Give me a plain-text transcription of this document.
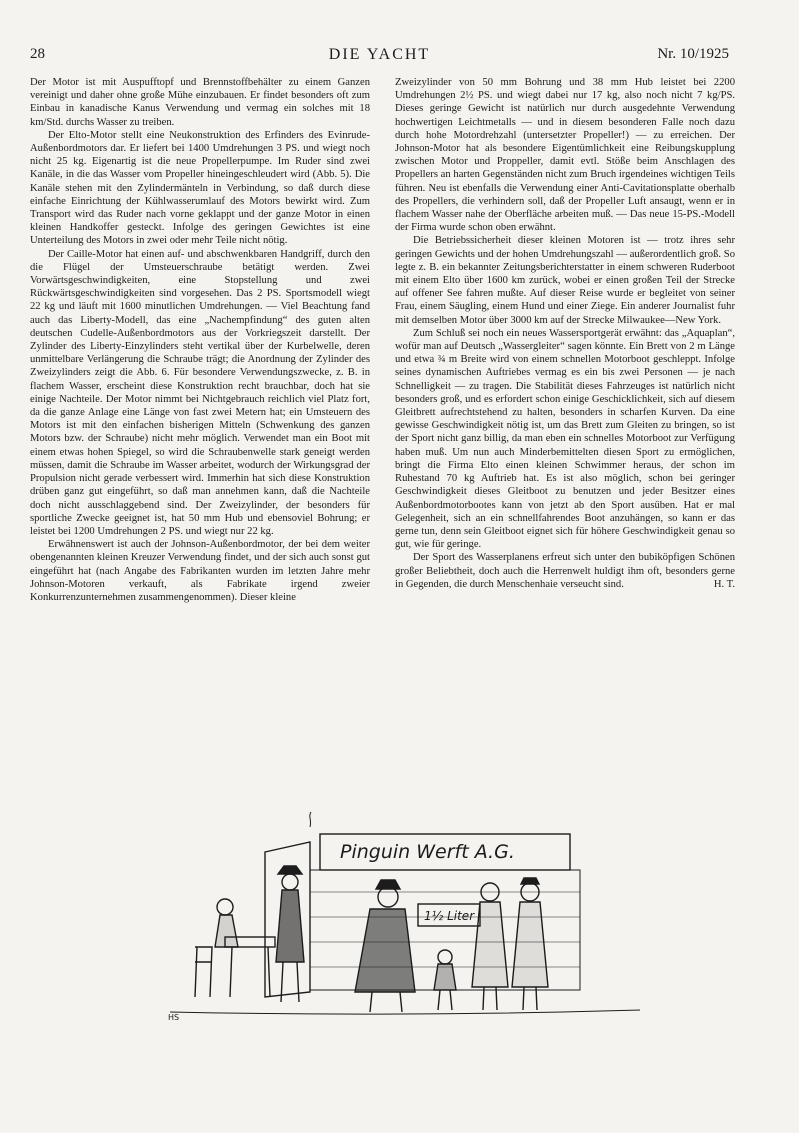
28	DIE YACHT	Nr. 10/1925

Der Motor ist mit Auspufftopf und Brennstoffbehälter zu einem Ganzen vereinigt und daher ohne große Mühe einzubauen. Er findet besonders oft zum Einbau in kanadische Kanus Verwendung und vermag ein solches mit 18 km/Std. durchs Wasser zu treiben.

Der Elto-Motor stellt eine Neukonstruktion des Erfinders des Evinrude-Außenbordmotors dar. Er liefert bei 1400 Umdrehungen 3 PS. und wiegt noch nicht 25 kg. Eigenartig ist die neue Propellerpumpe. Im Ruder sind zwei Kanäle, in die das Wasser vom Propeller hineingeschleudert wird (Abb. 5). Die Kanäle stehen mit den Zylindermänteln in Verbindung, so daß durch diese einfache Einrichtung der Kühlwasserumlauf des Motors bewirkt wird. Zum Transport wird das Ruder nach vorne geklappt und der ganze Motor in einen kleinen Handkoffer gesteckt. Infolge des geringen Gewichtes ist eine Unterteilung des Motors in zwei oder mehr Teile nicht nötig.

Der Caille-Motor hat einen auf- und abschwenkbaren Handgriff, durch den die Flügel der Umsteuerschraube betätigt werden. Zwei Vorwärtsgeschwindigkeiten, eine Stopstellung und zwei Rückwärtsgeschwindigkeiten sind vorgesehen. Das 2 PS. Sportsmodell wiegt 22 kg und läuft mit 1600 minutlichen Umdrehungen. — Viel Beachtung fand auch das Liberty-Modell, das eine „Nachempfindung“ des guten alten deutschen Cudelle-Außenbordmotors aus der Vorkriegszeit darstellt. Der Zylinder des Liberty-Einzylinders steht vertikal über der Kurbelwelle, deren unmittelbare Verlängerung die Schraube trägt; die Anordnung der Zylinder des Zweizylinders zeigt die Abb. 6. Für besondere Verwendungszwecke, z. B. in flachem Wasser, erscheint diese Konstruktion recht brauchbar, doch hat sie einige Nachteile. Der Motor nimmt bei Nichtgebrauch reichlich viel Platz fort, da die ganze Anlage eine Länge von fast zwei Metern hat; ein Umsteuern des Motors ist mit den einfachen bisherigen Mitteln (Schwenkung des ganzen Motors bzw. der Schraube) nicht mehr möglich. Verwendet man ein Boot mit einem etwas hohen Spiegel, so wird die Schraubenwelle stark geneigt werden müssen, damit die Schraube im Wasser arbeitet, wodurch der Wirkungsgrad der Propulsion nicht gerade verbessert wird. Immerhin hat sich diese Konstruktion drüben ganz gut eingeführt, so daß man annehmen kann, daß die Nachteile doch nicht ausschlaggebend sind. Der Zweizylinder, der besonders für sportliche Zwecke geeignet ist, hat 50 mm Hub und ebensoviel Bohrung; er leistet bei 1200 Umdrehungen 2 PS. und wiegt nur 22 kg.

Erwähnenswert ist auch der Johnson-Außenbordmotor, der bei dem weiter obengenannten kleinen Kreuzer Verwendung findet, und der sich auch sonst gut eingeführt hat (nach Angabe des Fabrikanten wurden im letzten Jahre mehr Johnson-Motoren verkauft, als Fabrikate irgend zweier Konkurrenzunternehmen zusammengenommen). Dieser kleine

Zweizylinder von 50 mm Bohrung und 38 mm Hub leistet bei 2200 Umdrehungen 2½ PS. und wiegt dabei nur 17 kg, also noch nicht 7 kg/PS. Dieses geringe Gewicht ist natürlich nur durch ausgedehnte Verwendung hochwertigen Leichtmetalls — und in diesem besonderen Falle noch dazu durch hohe Motordrehzahl (untersetzter Propeller!) — zu erreichen. Der Johnson-Motor hat als besondere Eigentümlichkeit eine Reibungskupplung zwischen Motor und Proppeller, damit evtl. Stöße beim Anschlagen des Propellers an harten Gegenständen nicht zum Bruch irgendeines wichtigen Teils führen. Neu ist ebenfalls die Verwendung einer Anti-Cavitationsplatte oberhalb des Propellers, die verhindern soll, daß der Propeller Luft ansaugt, wenn er in flachem Wasser nahe der Oberfläche arbeiten muß. — Das neue 15-PS.-Modell der Firma wurde schon oben erwähnt.

Die Betriebssicherheit dieser kleinen Motoren ist — trotz ihres sehr geringen Gewichts und der hohen Umdrehungszahl — außerordentlich groß. So legte z. B. ein bekannter Zeitungsberichterstatter in einem schweren Ruderboot mit einem Elto über 1600 km zurück, wobei er einen großen Teil der Strecke auf offener See fahren mußte. Auf dieser Reise wurde er begleitet von seiner Frau, einem Säugling, einem Hund und einer Ziege. Ein anderer Journalist fuhr mit demselben Motor über 3000 km auf der Strecke Milwaukee—New York.

Zum Schluß sei noch ein neues Wassersportgerät erwähnt: das „Aquaplan“, wofür man auf Deutsch „Wassergleiter“ sagen könnte. Ein Brett von 2 m Länge und etwa ¾ m Breite wird von einem schnellen Motorboot geschleppt. Infolge seines dynamischen Auftriebes vermag es ein bis zwei Personen — je nach Schnelligkeit — zu tragen. Die Stabilität dieses Fahrzeuges ist natürlich nicht besonders groß, und es erfordert schon einige Geschicklichkeit, sich auf diesem Gleitbrett aufrechtstehend zu halten, besonders in scharfen Kurven. Da eine gewisse Geschwindigkeit nötig ist, um das Brett zum Gleiten zu bringen, so ist der Sport nicht ganz billig, da man eben ein schnelles Motorboot zur Verfügung haben muß. Um nun auch Minderbemittelten diesen Sport zu ermöglichen, bringt die Firma Elto einen kleinen Schwimmer heraus, der schon im Ruhestand 70 kg Auftrieb hat. Es ist also möglich, schon bei geringer Geschwindigkeit dieses Gleitboot zu benutzen und jeder Besitzer eines Außenbordmotorbootes kann von jetzt ab den Sport ausüben. Hat er mal Gelegenheit, sich an ein schnellfahrendes Boot anzuhängen, so kann er das gerne tun, denn sein Gleitboot eignet sich für höhere Geschwindigkeit genau so gut, wie für geringe.

Der Sport des Wasserplanens erfreut sich unter den bubiköpfigen Schönen großer Beliebtheit, doch auch die Herrenwelt huldigt ihm oft, besonders gerne in Gegenden, die durch Menschenhaie verseucht sind.	H. T.

Pinguin Werft A.G.
1½ Liter
HS
